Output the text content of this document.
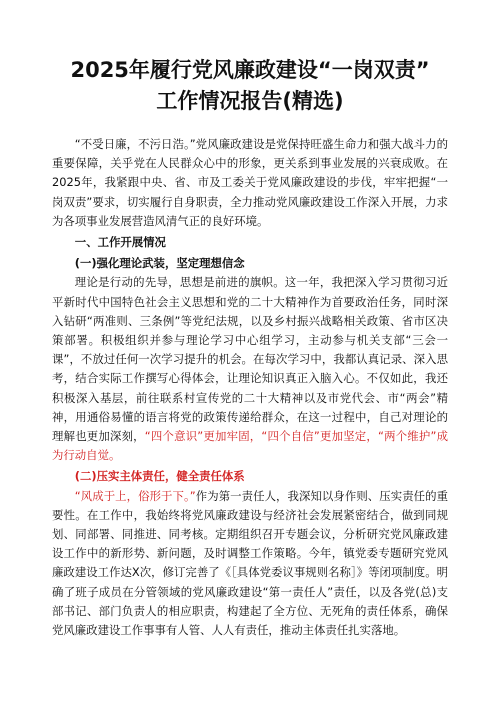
2025年履行党风廉政建设“一岗双责”
工作情况报告(精选)

“不受日廉，不污日浩。”党风廉政建设是党保持旺盛生命力和强大战斗力的重要保障，关乎党在人民群众心中的形象，更关系到事业发展的兴衰成败。在2025年，我紧跟中央、省、市及工委关于党风廉政建设的步伐，牢牢把握“一岗双责”要求，切实履行自身职责，全力推动党风廉政建设工作深入开展，力求为各项事业发展营造风清气正的良好环境。

一、工作开展情况

(一)强化理论武装，坚定理想信念

理论是行动的先导，思想是前进的旗帜。这一年，我把深入学习贯彻习近平新时代中国特色社会主义思想和党的二十大精神作为首要政治任务，同时深入钻研“两准则、三条例”等党纪法规，以及乡村振兴战略相关政策、省市区决策部署。积极组织并参与理论学习中心组学习，主动参与机关支部“三会一课”，不放过任何一次学习提升的机会。在每次学习中，我都认真记录、深入思考，结合实际工作撰写心得体会，让理论知识真正入脑入心。不仅如此，我还积极深入基层，前往联系村宣传党的二十大精神以及市党代会、市“两会”精神，用通俗易懂的语言将党的政策传递给群众，在这一过程中，自己对理论的理解也更加深刻，“四个意识”更加牢固，“四个自信”更加坚定，“两个维护”成为行动自觉。

(二)压实主体责任，健全责任体系

“风成于上，俗形于下。”作为第一责任人，我深知以身作则、压实责任的重要性。在工作中，我始终将党风廉政建设与经济社会发展紧密结合，做到同规划、同部署、同推进、同考核。定期组织召开专题会议，分析研究党风廉政建设工作中的新形势、新问题，及时调整工作策略。今年，镇党委专题研究党风廉政建设工作达X次，修订完善了《［具体党委议事规则名称］》等闭项制度。明确了班子成员在分管领域的党风廉政建设“第一责任人”责任，以及各党(总)支部书记、部门负责人的相应职责，构建起了全方位、无死角的责任体系，确保党风廉政建设工作事事有人管、人人有责任，推动主体责任扎实落地。
